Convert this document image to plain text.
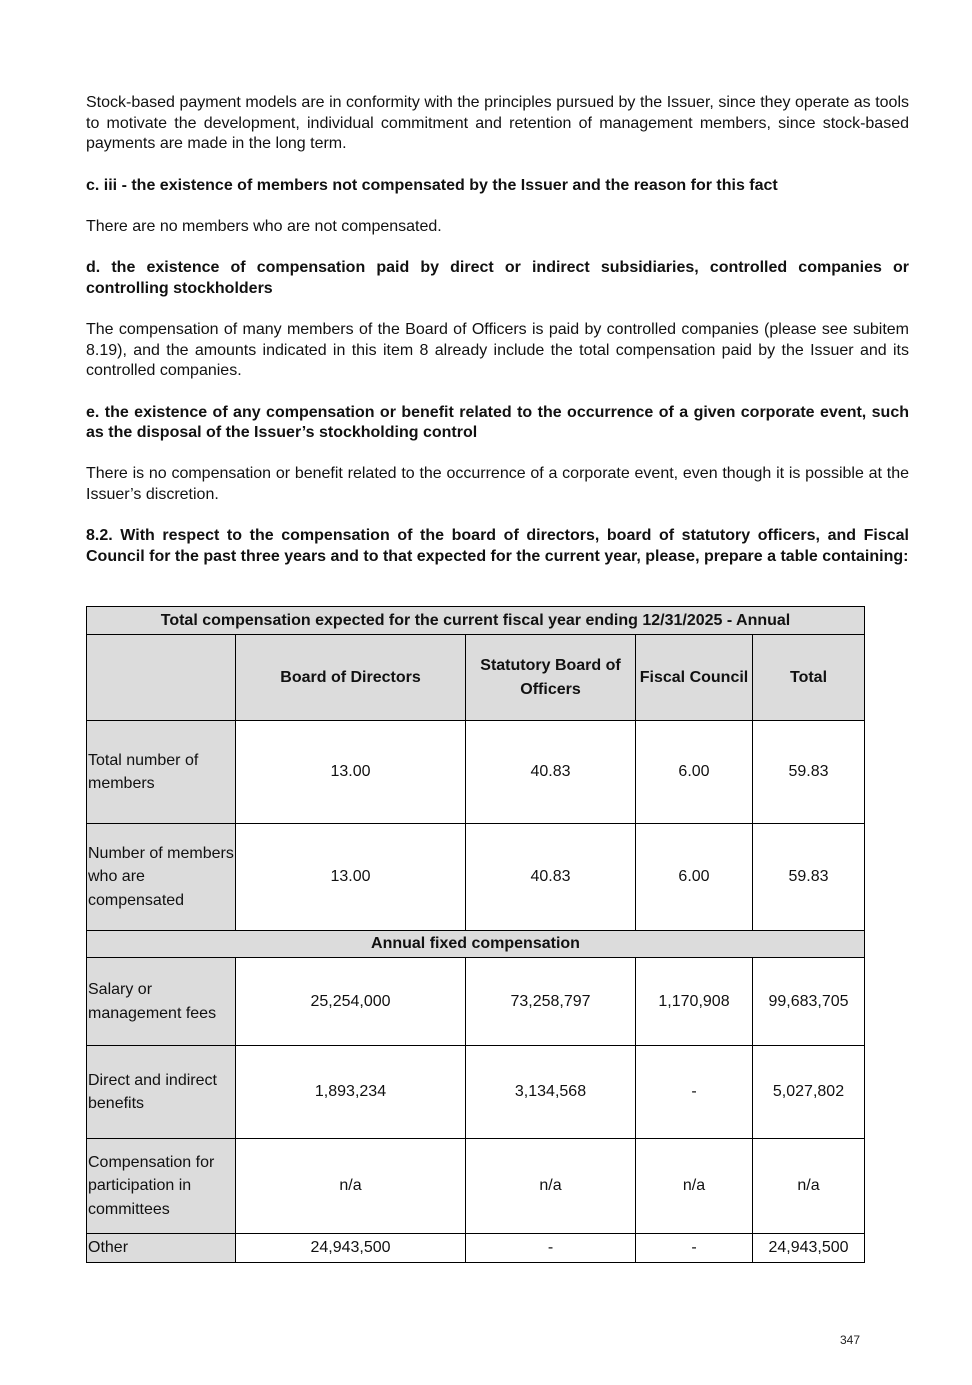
Stock-based payment models are in conformity with the principles pursued by the Issuer, since they operate as tools to motivate the development, individual commitment and retention of management members, since stock-based payments are made in the long term.

c. iii - the existence of members not compensated by the Issuer and the reason for this fact

There are no members who are not compensated.

d. the existence of compensation paid by direct or indirect subsidiaries, controlled companies or controlling stockholders

The compensation of many members of the Board of Officers is paid by controlled companies (please see subitem 8.19), and the amounts indicated in this item 8 already include the total compensation paid by the Issuer and its controlled companies.

e. the existence of any compensation or benefit related to the occurrence of a given corporate event, such as the disposal of the Issuer’s stockholding control

There is no compensation or benefit related to the occurrence of a corporate event, even though it is possible at the Issuer’s discretion.

8.2. With respect to the compensation of the board of directors, board of statutory officers, and Fiscal Council for the past three years and to that expected for the current year, please, prepare a table containing:

Total compensation expected for the current fiscal year ending 12/31/2025 - Annual				
	Board of Directors	Statutory Board of Officers	Fiscal Council	Total
Total number of members	13.00	40.83	6.00	59.83
Number of members who are compensated	13.00	40.83	6.00	59.83
Annual fixed compensation				
Salary or management fees	25,254,000	73,258,797	1,170,908	99,683,705
Direct and indirect benefits	1,893,234	3,134,568	-	5,027,802
Compensation for participation in committees	n/a	n/a	n/a	n/a
Other	24,943,500	-	-	24,943,500
347
